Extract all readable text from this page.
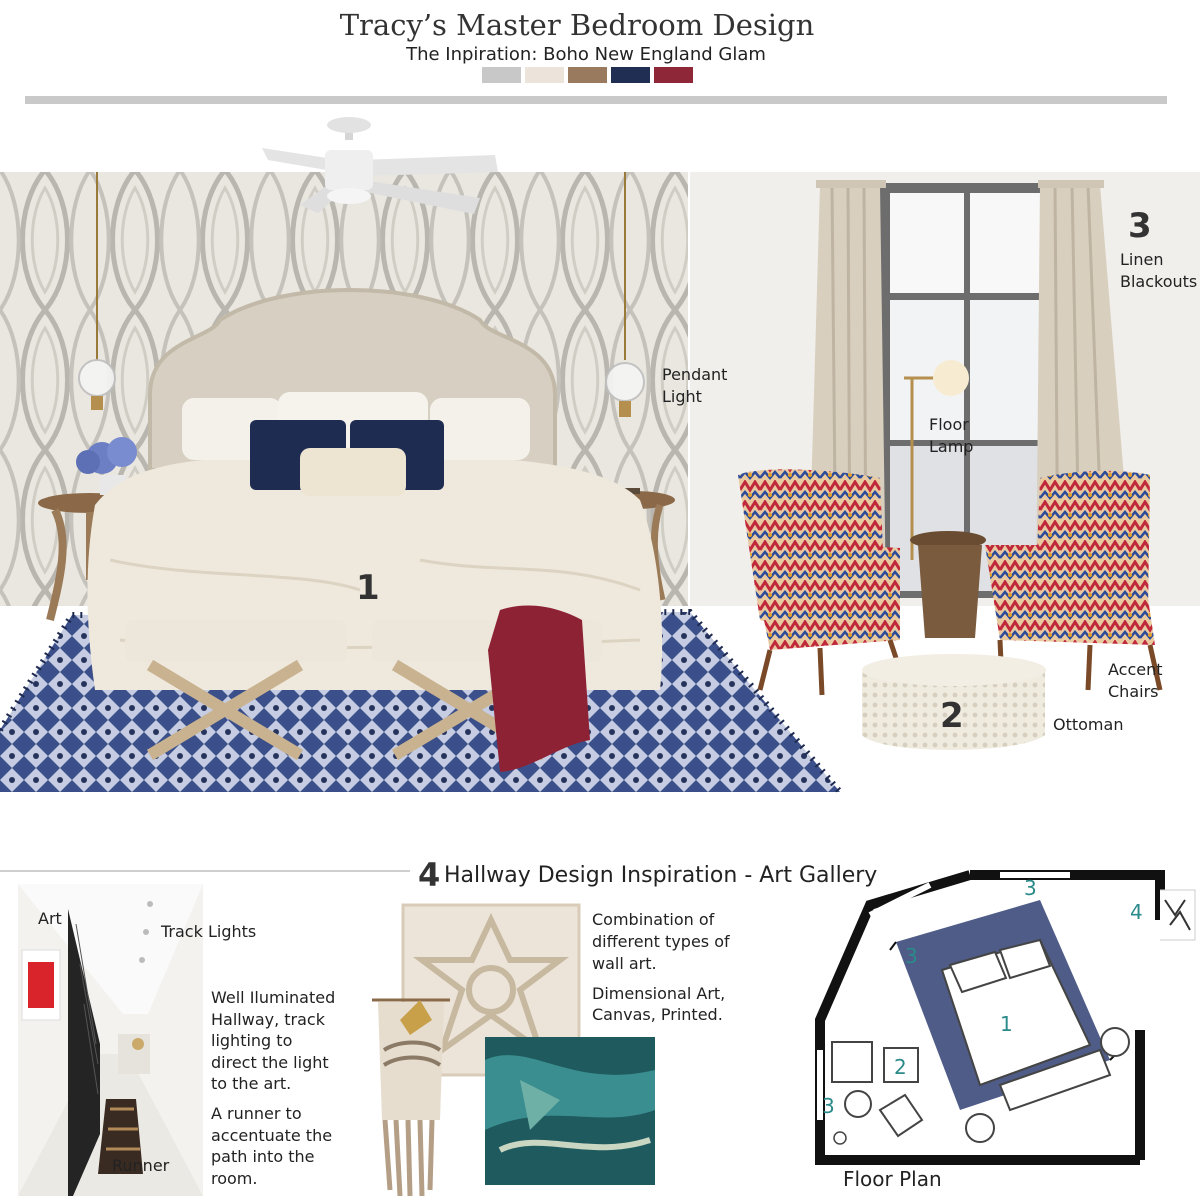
Tracy’s Master Bedroom Design
The Inpiration: Boho New England Glam
1
2
3
Pendant
Light
Floor
Lamp
Linen
Blackouts
Accent
Chairs
Ottoman
4 Hallway Design Inspiration - Art Gallery
Art
Track Lights
Runner
Well Iluminated
Hallway, track
lighting to
direct the light
to the art.
A runner to
accentuate the
path into the
room.
Combination of
different types of
wall art.
Dimensional Art,
Canvas, Printed.	1
2
3
3
3
4
Floor Plan
